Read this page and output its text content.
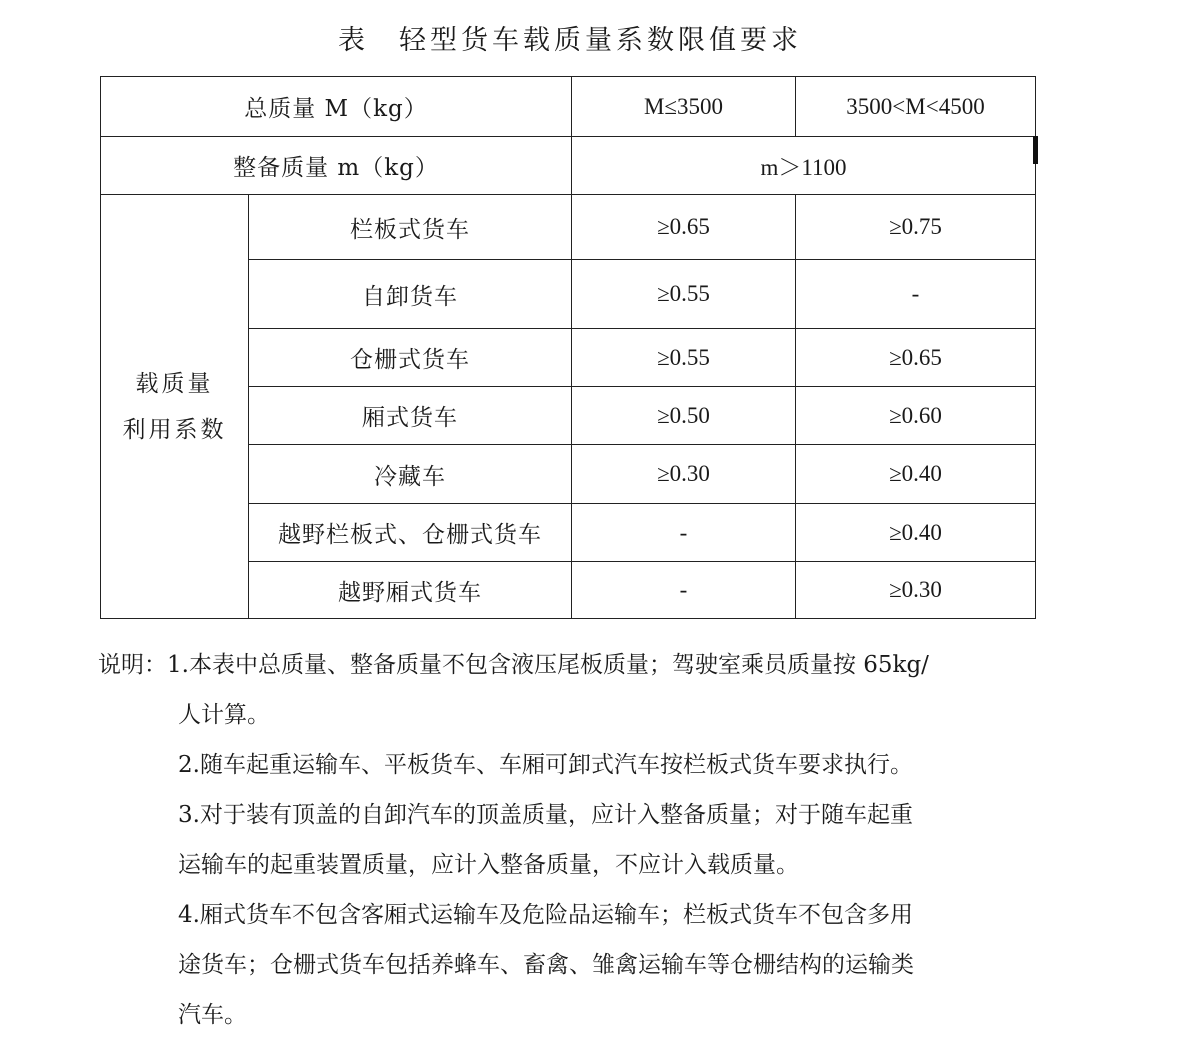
表 轻型货车载质量系数限值要求
总质量 M（kg）		M≤3500	3500<M<4500
整备质量 m（kg）		m＞1100	

载质量
利用系数	栏板式货车	≥0.65	≥0.75
	自卸货车	≥0.55	-
	仓栅式货车	≥0.55	≥0.65
	厢式货车	≥0.50	≥0.60
	冷藏车	≥0.30	≥0.40
	越野栏板式、仓栅式货车	-	≥0.40
	越野厢式货车	-	≥0.30
说明：1.本表中总质量、整备质量不包含液压尾板质量；驾驶室乘员质量按 65kg/
人计算。
2.随车起重运输车、平板货车、车厢可卸式汽车按栏板式货车要求执行。
3.对于装有顶盖的自卸汽车的顶盖质量，应计入整备质量；对于随车起重
运输车的起重装置质量，应计入整备质量，不应计入载质量。
4.厢式货车不包含客厢式运输车及危险品运输车；栏板式货车不包含多用
途货车；仓栅式货车包括养蜂车、畜禽、雏禽运输车等仓栅结构的运输类
汽车。
